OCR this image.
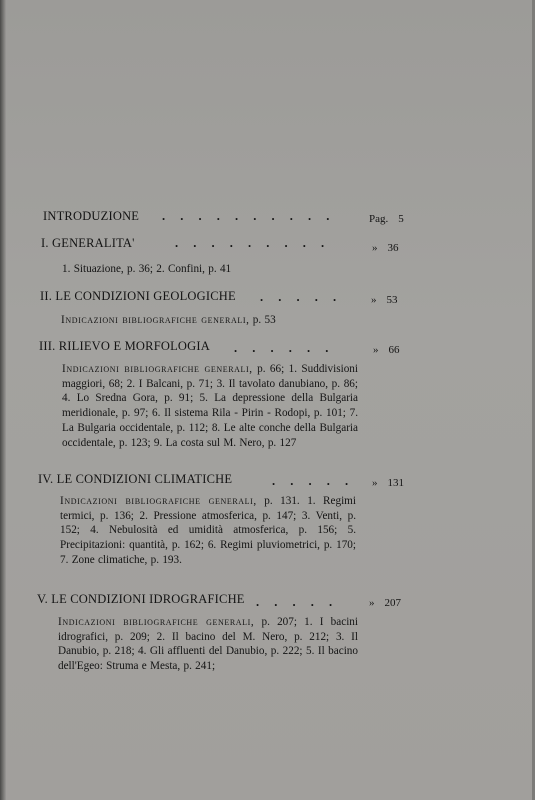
INTRODUZIONE . . . . . . . . . .	Pag. 5
I. GENERALITA'	. . . . . . . . .	» 36
1. Situazione, p. 36; 2. Confini, p. 41
II. LE CONDIZIONI GEOLOGICHE . . . . .	» 53
Indicazioni bibliografiche generali, p. 53
III. RILIEVO E MORFOLOGIA . . . . . .	» 66
Indicazioni bibliografiche generali, p. 66; 1. Suddivisioni maggiori, 68; 2. I Balcani, p. 71; 3. Il tavolato danubiano, p. 86; 4. Lo Sredna Gora, p. 91; 5. La depressione della Bulgaria meridionale, p. 97; 6. Il sistema Rila - Pirin - Rodopi, p. 101; 7. La Bulgaria occidentale, p. 112; 8. Le alte conche della Bulgaria occidentale, p. 123; 9. La costa sul M. Nero, p. 127
IV. LE CONDIZIONI CLIMATICHE	. . . . . » 131
Indicazioni bibliografiche generali, p. 131. 1. Regimi termici, p. 136; 2. Pressione atmosferica, p. 147; 3. Venti, p. 152; 4. Nebulosità ed umidità atmosferica, p. 156; 5. Precipitazioni: quantità, p. 162; 6. Regimi pluviometrici, p. 170; 7. Zone climatiche, p. 193.
V. LE CONDIZIONI IDROGRAFICHE . . . . .	» 207
Indicazioni bibliografiche generali, p. 207; 1. I bacini idrografici, p. 209; 2. Il bacino del M. Nero, p. 212; 3. Il Danubio, p. 218; 4. Gli affluenti del Danubio, p. 222; 5. Il bacino dell'Egeo: Struma e Mesta, p. 241;
